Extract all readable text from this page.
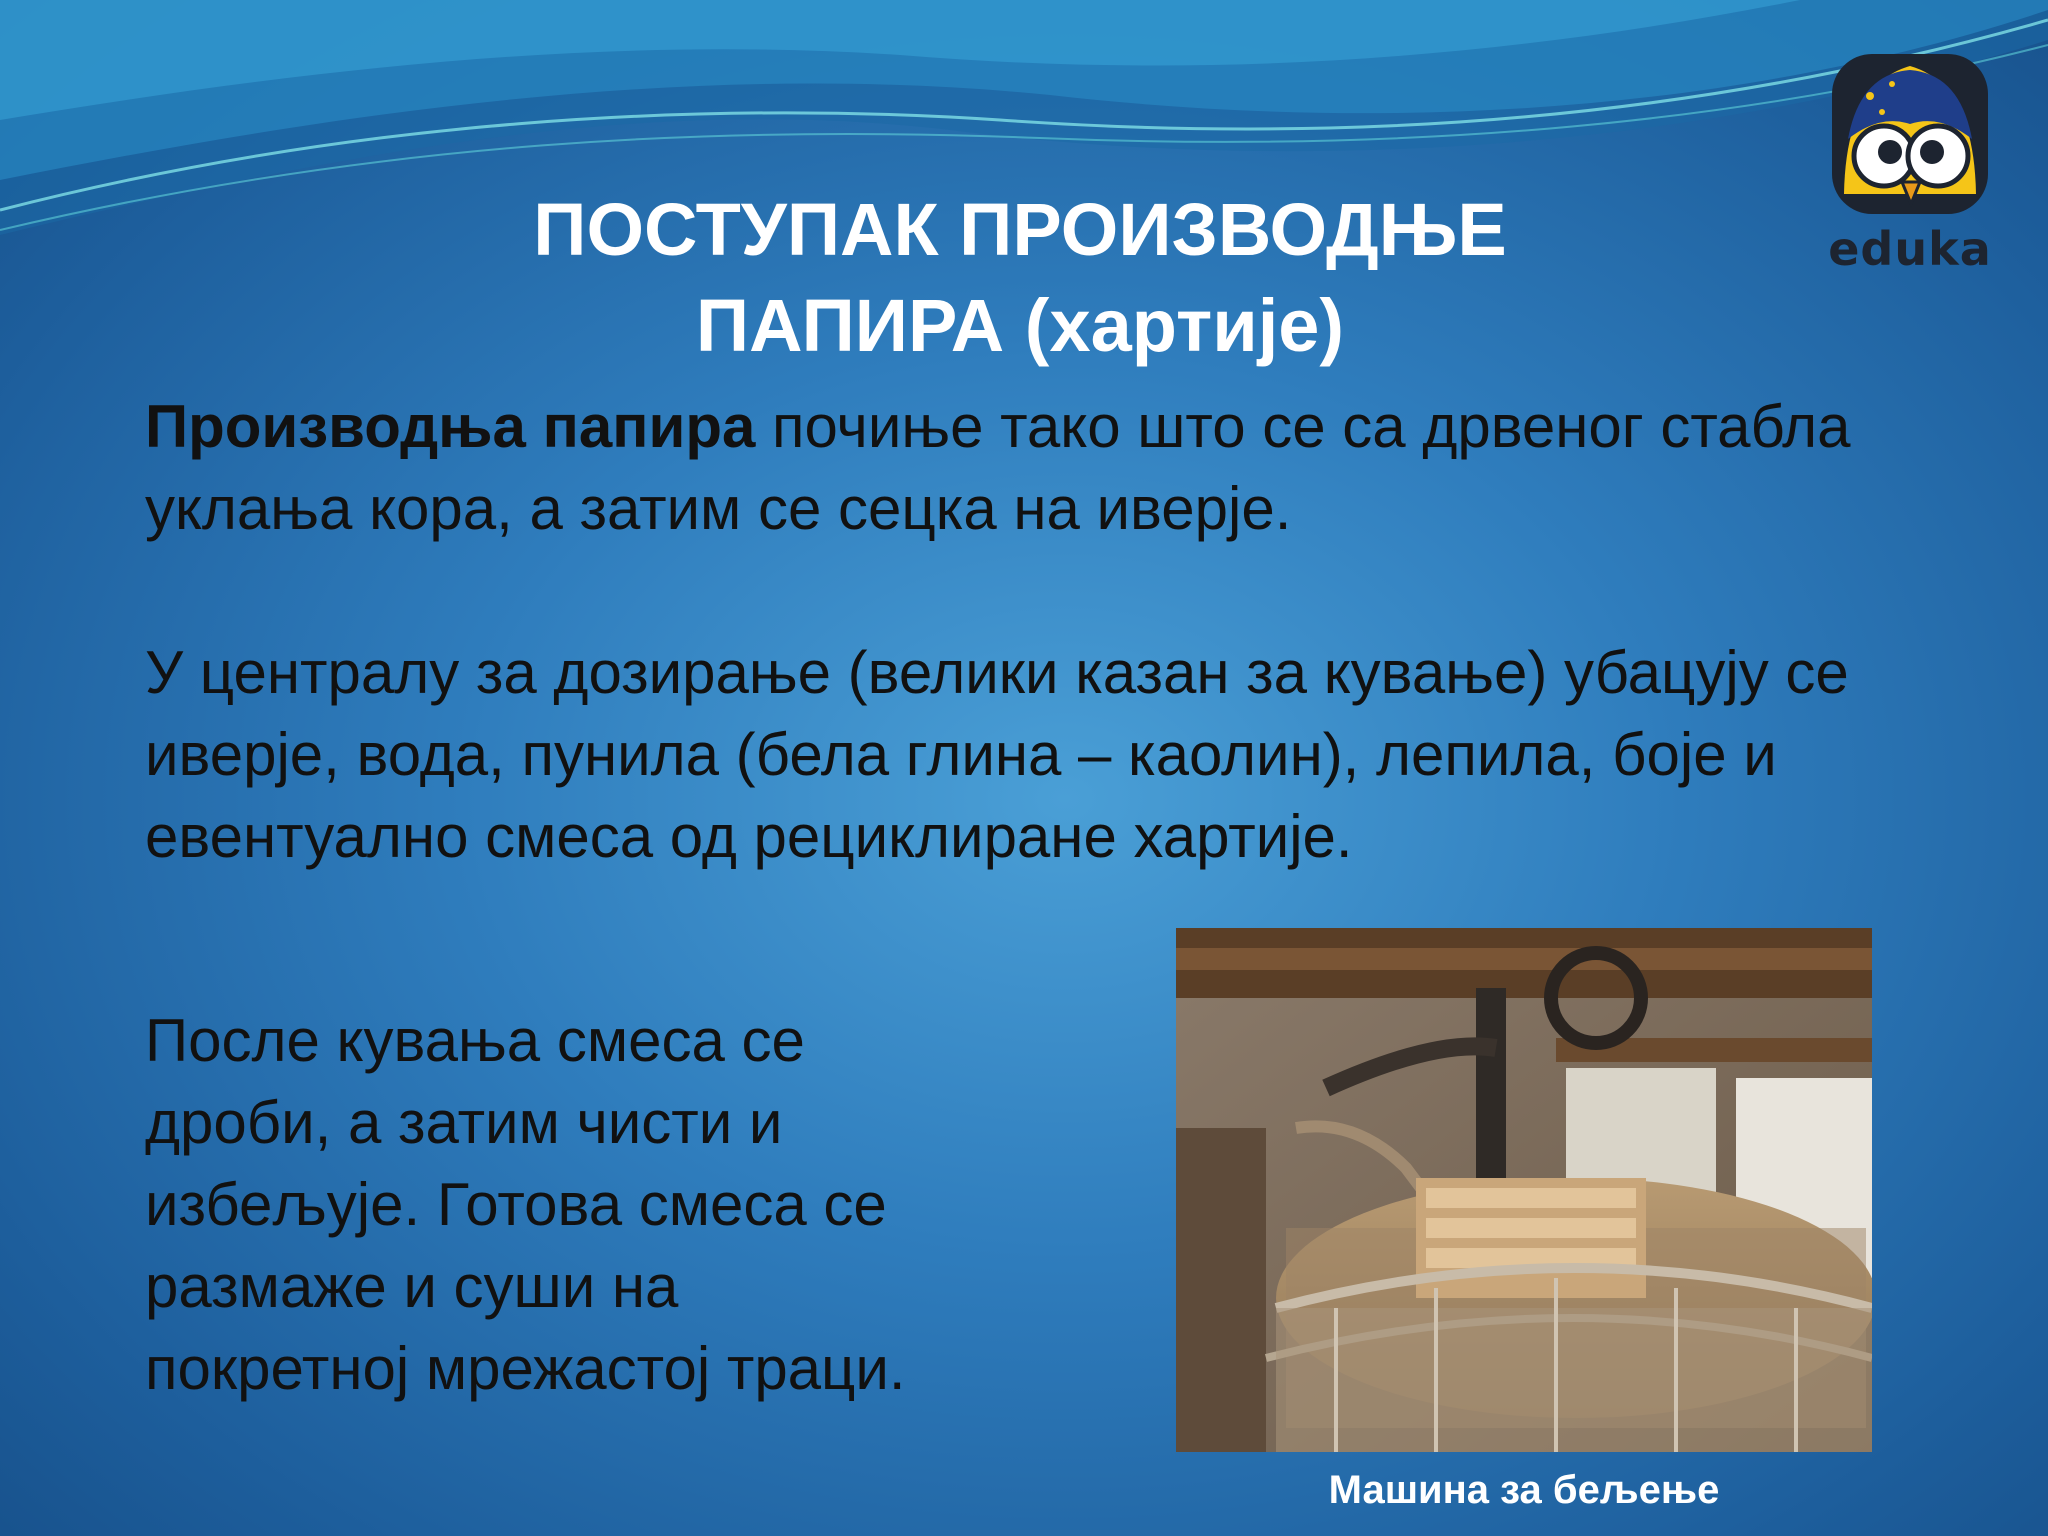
eduka
ПОСТУПАК ПРОИЗВОДЊЕ
ПАПИРА (хартије)

Производња папира почиње тако што се са дрвеног стабла уклања кора, а затим се сецка на иверје.

У централу за дозирање (велики казан за кување) убацују се иверје, вода, пунила (бела глина – каолин), лепила, боје и евентуално смеса од рециклиране хартије.

После кувања смеса се дроби, а затим чисти и избељује. Готова смеса се размаже и суши на покретној мрежастој траци.

Машина за бељење
